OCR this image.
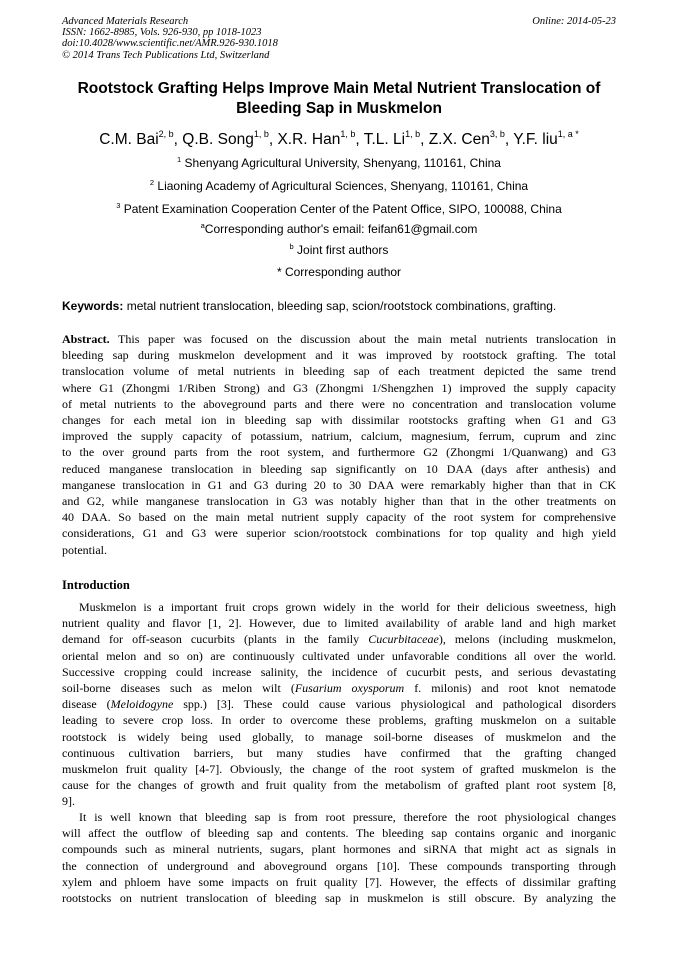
Advanced Materials Research
ISSN: 1662-8985, Vols. 926-930, pp 1018-1023
doi:10.4028/www.scientific.net/AMR.926-930.1018
© 2014 Trans Tech Publications Ltd, Switzerland
Online: 2014-05-23
Rootstock Grafting Helps Improve Main Metal Nutrient Translocation of
Bleeding Sap in Muskmelon
C.M. Bai$^{2, b}$, Q.B. Song$^{1, b}$, X.R. Han$^{1, b}$, T.L. Li$^{1, b}$, Z.X. Cen$^{3, b}$, Y.F. liu$^{1, a *}$
$^1$ Shenyang Agricultural University, Shenyang, 110161, China
$^2$ Liaoning Academy of Agricultural Sciences, Shenyang, 110161, China
$^3$ Patent Examination Cooperation Center of the Patent Office, SIPO, 100088, China
$^a$Corresponding author's email: feifan61@gmail.com
$^b$ Joint first authors
* Corresponding author
Keywords: metal nutrient translocation, bleeding sap, scion/rootstock combinations, grafting.
Abstract. This paper was focused on the discussion about the main metal nutrients translocation in
bleeding sap during muskmelon development and it was improved by rootstock grafting. The total
translocation volume of metal nutrients in bleeding sap of each treatment depicted the same trend
where G1 (Zhongmi 1/Riben Strong) and G3 (Zhongmi 1/Shengzhen 1) improved the supply capacity
of metal nutrients to the aboveground parts and there were no concentration and translocation volume
changes for each metal ion in bleeding sap with dissimilar rootstocks grafting when G1 and G3
improved the supply capacity of potassium, natrium, calcium, magnesium, ferrum, cuprum and zinc
to the over ground parts from the root system, and furthermore G2 (Zhongmi 1/Quanwang) and G3
reduced manganese translocation in bleeding sap significantly on 10 DAA (days after anthesis) and
manganese translocation in G1 and G3 during 20 to 30 DAA were remarkably higher than that in CK
and G2, while manganese translocation in G3 was notably higher than that in the other treatments on
40 DAA. So based on the main metal nutrient supply capacity of the root system for comprehensive
considerations, G1 and G3 were superior scion/rootstock combinations for top quality and high yield
potential.
Introduction
Muskmelon is a important fruit crops grown widely in the world for their delicious sweetness, high
nutrient quality and flavor [1, 2]. However, due to limited availability of arable land and high market
demand for off-season cucurbits (plants in the family Cucurbitaceae), melons (including muskmelon,
oriental melon and so on) are continuously cultivated under unfavorable conditions all over the world.
Successive cropping could increase salinity, the incidence of cucurbit pests, and serious devastating
soil-borne diseases such as melon wilt (Fusarium oxysporum f. milonis) and root knot nematode
disease (Meloidogyne spp.) [3]. These could cause various physiological and pathological disorders
leading to severe crop loss. In order to overcome these problems, grafting muskmelon on a suitable
rootstock is widely being used globally, to manage soil-borne diseases of muskmelon and the
continuous cultivation barriers, but many studies have confirmed that the grafting changed
muskmelon fruit quality [4-7]. Obviously, the change of the root system of grafted muskmelon is the
cause for the changes of growth and fruit quality from the metabolism of grafted plant root system [8,
9].
It is well known that bleeding sap is from root pressure, therefore the root physiological changes
will affect the outflow of bleeding sap and contents. The bleeding sap contains organic and inorganic
compounds such as mineral nutrients, sugars, plant hormones and siRNA that might act as signals in
the connection of underground and aboveground organs [10]. These compounds transporting through
xylem and phloem have some impacts on fruit quality [7]. However, the effects of dissimilar grafting
rootstocks on nutrient translocation of bleeding sap in muskmelon is still obscure. By analyzing the
